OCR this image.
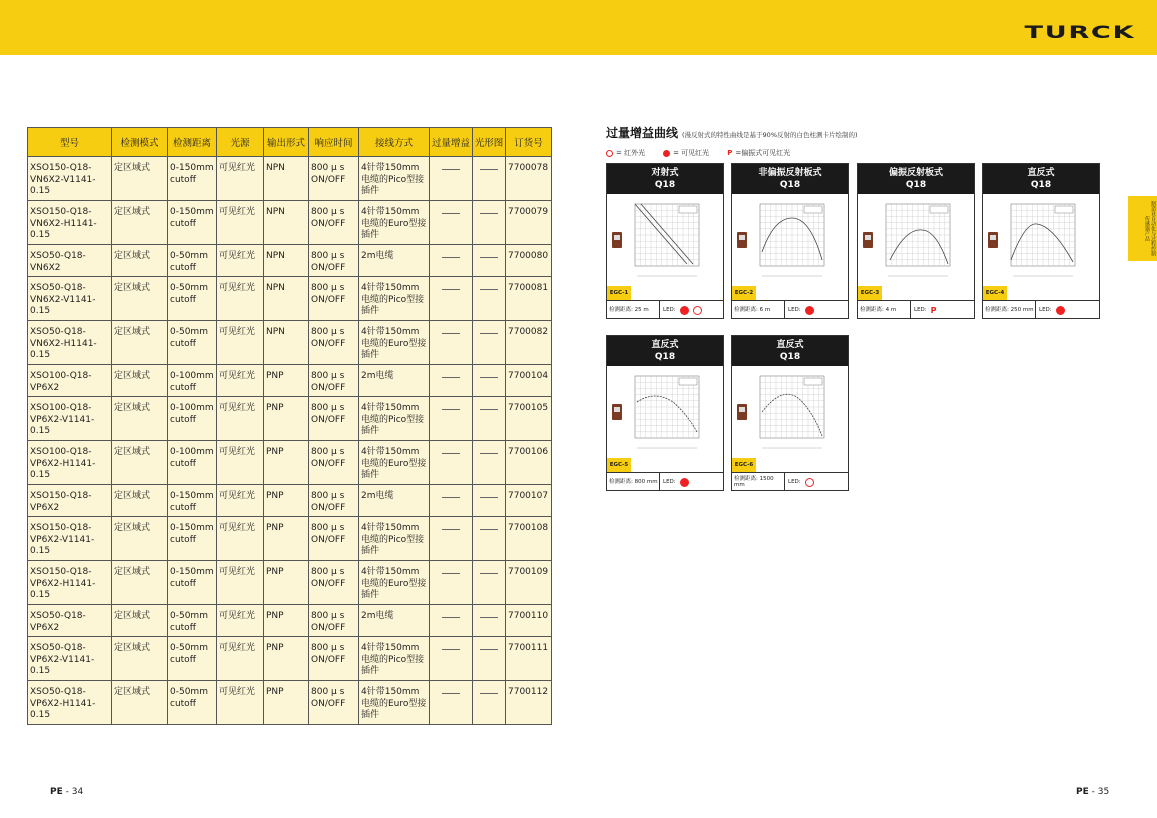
TURCK
型号	检测模式	检测距离	光源	输出形式	响应时间	接线方式	过量增益	光形图	订货号
XSO150-Q18-VN6X2-V1141-0.15	定区域式	0-150mm cutoff	可见红光	NPN	800 µ s ON/OFF	4针带150mm电缆的Pico型接插件			7700078
XSO150-Q18-VN6X2-H1141-0.15	定区域式	0-150mm cutoff	可见红光	NPN	800 µ s ON/OFF	4针带150mm电缆的Euro型接插件			7700079
XSO50-Q18-VN6X2	定区域式	0-50mm cutoff	可见红光	NPN	800 µ s ON/OFF	2m电缆			7700080
XSO50-Q18-VN6X2-V1141-0.15	定区域式	0-50mm cutoff	可见红光	NPN	800 µ s ON/OFF	4针带150mm电缆的Pico型接插件			7700081
XSO50-Q18-VN6X2-H1141-0.15	定区域式	0-50mm cutoff	可见红光	NPN	800 µ s ON/OFF	4针带150mm电缆的Euro型接插件			7700082
XSO100-Q18-VP6X2	定区域式	0-100mm cutoff	可见红光	PNP	800 µ s ON/OFF	2m电缆			7700104
XSO100-Q18-VP6X2-V1141-0.15	定区域式	0-100mm cutoff	可见红光	PNP	800 µ s ON/OFF	4针带150mm电缆的Pico型接插件			7700105
XSO100-Q18-VP6X2-H1141-0.15	定区域式	0-100mm cutoff	可见红光	PNP	800 µ s ON/OFF	4针带150mm电缆的Euro型接插件			7700106
XSO150-Q18-VP6X2	定区域式	0-150mm cutoff	可见红光	PNP	800 µ s ON/OFF	2m电缆			7700107
XSO150-Q18-VP6X2-V1141-0.15	定区域式	0-150mm cutoff	可见红光	PNP	800 µ s ON/OFF	4针带150mm电缆的Pico型接插件			7700108
XSO150-Q18-VP6X2-H1141-0.15	定区域式	0-150mm cutoff	可见红光	PNP	800 µ s ON/OFF	4针带150mm电缆的Euro型接插件			7700109
XSO50-Q18-VP6X2	定区域式	0-50mm cutoff	可见红光	PNP	800 µ s ON/OFF	2m电缆			7700110
XSO50-Q18-VP6X2-V1141-0.15	定区域式	0-50mm cutoff	可见红光	PNP	800 µ s ON/OFF	4针带150mm电缆的Pico型接插件			7700111
XSO50-Q18-VP6X2-H1141-0.15	定区域式	0-50mm cutoff	可见红光	PNP	800 µ s ON/OFF	4针带150mm电缆的Euro型接插件			7700112
过量增益曲线 (漫反射式的特性曲线是基于90%反射的白色柱测卡片绘制的)
= 红外光	= 可见红光	P =偏振式可见红光
对射式
Q18
EGC-1
检测距离: 25 m	LED:
非偏振反射板式
Q18
EGC-2
检测距离: 6 m	LED:
偏振反射板式
Q18
EGC-3
检测距离: 4 m	LED: P
直反式
Q18
EGC-4
检测距离: 250 mm LED:
直反式
Q18
EGC-5
检测距离: 800 mm LED:
直反式
Q18
EGC-6
检测距离: 1500 mm	LED:
制造业自动化与过程控制传感器产品
PE - 34	PE - 35
